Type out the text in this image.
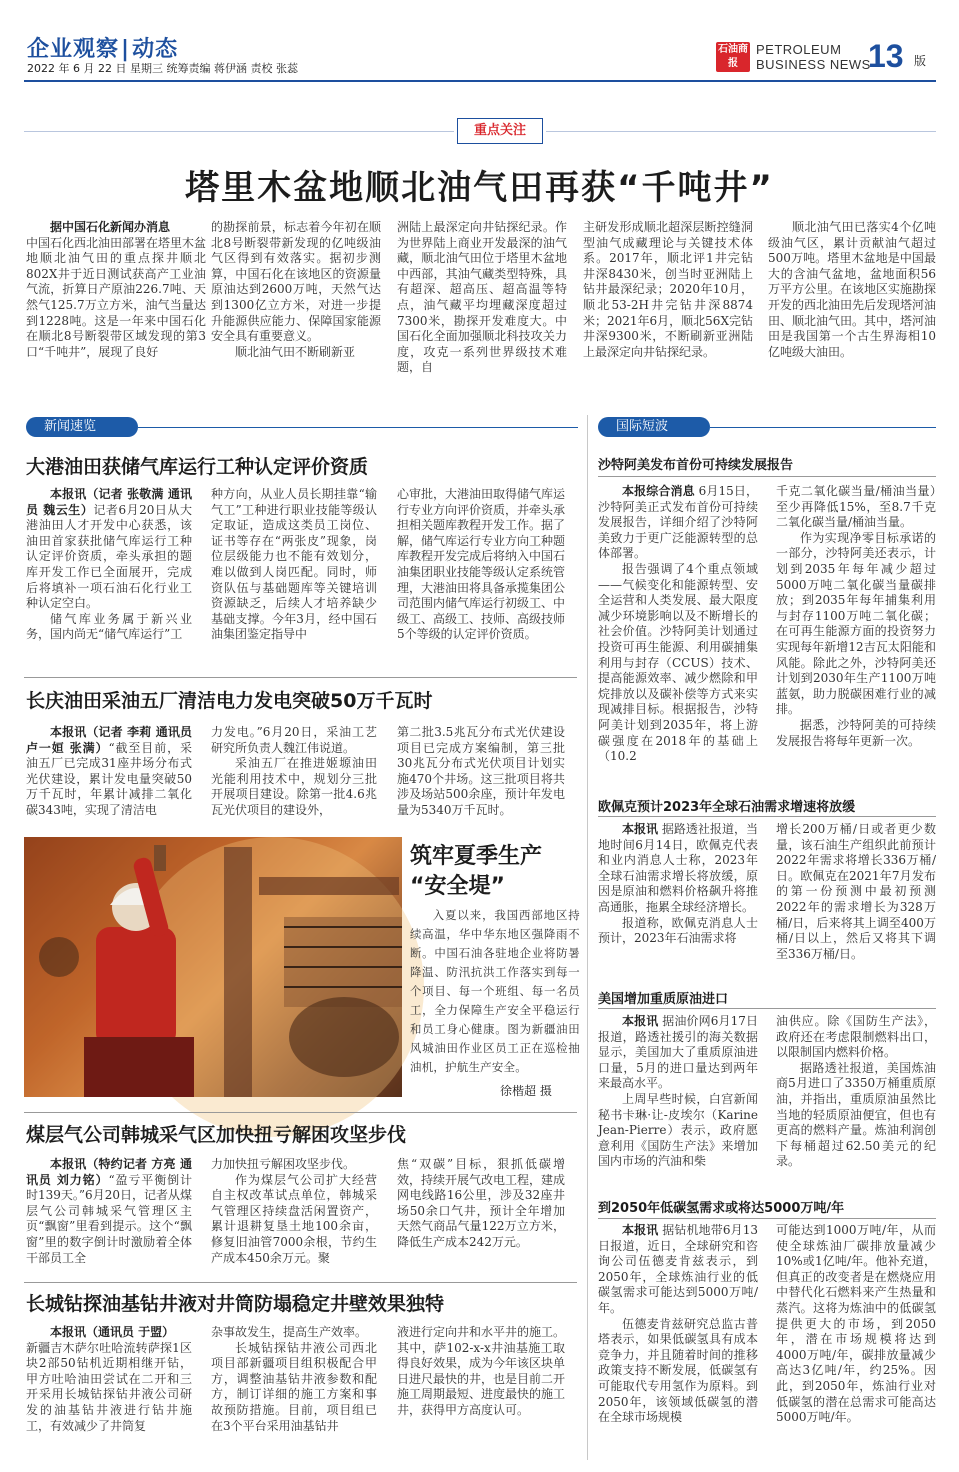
企业观察|动态
2022 年 6 月 22 日 星期三 统筹责编 蒋伊涵 责校 张蕊
石油商报
PETROLEUM
BUSINESS NEWS
13 版
重点关注
塔里木盆地顺北油气田再获“千吨井”

据中国石化新闻办消息

中国石化西北油田部署在塔里木盆地顺北油气田的重点探井顺北802X井于近日测试获高产工业油气流，折算日产原油226.7吨、天然气125.7万立方米，油气当量达到1228吨。这是一年来中国石化在顺北8号断裂带区域发现的第3口“千吨井”，展现了良好

的勘探前景，标志着今年初在顺北8号断裂带新发现的亿吨级油气区得到有效落实。据初步测算，中国石化在该地区的资源量原油达到2600万吨，天然气达到1300亿立方米，对进一步提升能源供应能力、保障国家能源安全具有重要意义。

顺北油气田不断刷新亚

洲陆上最深定向井钻探纪录。作为世界陆上商业开发最深的油气藏，顺北油气田位于塔里木盆地中西部，其油气藏类型特殊，具有超深、超高压、超高温等特点，油气藏平均埋藏深度超过7300米，勘探开发难度大。中国石化全面加强顺北科技攻关力度，攻克一系列世界级技术难题，自

主研发形成顺北超深层断控缝洞型油气成藏理论与关键技术体系。2017年，顺北评1井完钻井深8430米，创当时亚洲陆上钻井最深纪录；2020年10月，顺北53-2H井完钻井深8874米；2021年6月，顺北56X完钻井深9300米，不断刷新亚洲陆上最深定向井钻探纪录。

顺北油气田已落实4个亿吨级油气区，累计贡献油气超过500万吨。塔里木盆地是中国最大的含油气盆地，盆地面积56万平方公里。在该地区实施勘探开发的西北油田先后发现塔河油田、顺北油气田。其中，塔河油田是我国第一个古生界海相10亿吨级大油田。

新闻速览
大港油田获储气库运行工种认定评价资质

本报讯（记者 张敬满 通讯员 魏云生）记者6月20日从大港油田人才开发中心获悉，该油田首家获批储气库运行工种认定评价资质，牵头承担的题库开发工作已全面展开，完成后将填补一项石油石化行业工种认定空白。

储气库业务属于新兴业务，国内尚无“储气库运行”工

种方向，从业人员长期挂靠“输气工”工种进行职业技能等级认定取证，造成这类员工岗位、证书等存在“两张皮”现象，岗位层级能力也不能有效划分，难以做到人岗匹配。同时，师资队伍与基础题库等关键培训资源缺乏，后续人才培养缺少基础支撑。今年3月，经中国石油集团鉴定指导中

心审批，大港油田取得储气库运行专业方向评价资质，并牵头承担相关题库教程开发工作。据了解，储气库运行专业方向工种题库教程开发完成后将纳入中国石油集团职业技能等级认定系统管理，大港油田将具备承揽集团公司范围内储气库运行初级工、中级工、高级工、技师、高级技师5个等级的认定评价资质。

长庆油田采油五厂清洁电力发电突破50万千瓦时

本报讯（记者 李莉 通讯员 卢一姮 张满）“截至目前，采油五厂已完成31座井场分布式光伏建设，累计发电量突破50万千瓦时，年累计减排二氧化碳343吨，实现了清洁电

力发电。”6月20日，采油工艺研究所负责人魏江伟说道。

采油五厂在推进姬塬油田光能利用技术中，规划分三批开展项目建设。除第一批4.6兆瓦光伏项目的建设外，

第二批3.5兆瓦分布式光伏建设项目已完成方案编制，第三批30兆瓦分布式光伏项目计划实施470个井场。这三批项目将共涉及场站500余座，预计年发电量为5340万千瓦时。

筑牢夏季生产
“安全堤”

入夏以来，我国西部地区持续高温，华中华东地区强降雨不断。中国石油各驻地企业将防暑降温、防汛抗洪工作落实到每一个项目、每一个班组、每一名员工，全力保障生产安全平稳运行和员工身心健康。图为新疆油田风城油田作业区员工正在巡检抽油机，护航生产安全。

徐楷超 摄
煤层气公司韩城采气区加快扭亏解困攻坚步伐

本报讯（特约记者 方亮 通讯员 刘力铭）“盈亏平衡倒计时139天。”6月20日，记者从煤层气公司韩城采气管理区主页“飘窗”里看到提示。这个“飘窗”里的数字倒计时激励着全体干部员工全

力加快扭亏解困攻坚步伐。

作为煤层气公司扩大经营自主权改革试点单位，韩城采气管理区持续盘活闲置资产，累计退耕复垦土地100余亩，修复旧油管7000余根，节约生产成本450余万元。聚

焦“双碳”目标，狠抓低碳增效，持续开展气改电工程，建成网电线路16公里，涉及32座井场50余口气井，预计全年增加天然气商品气量122万立方米，降低生产成本242万元。

长城钻探油基钻井液对井筒防塌稳定井壁效果独特

本报讯（通讯员 于盟）

新疆吉木萨尔吐哈流转萨探1区块2部50钻机近期相继开钻，甲方吐哈油田尝试在二开和三开采用长城钻探钻井液公司研发的油基钻井液进行钻井施工，有效减少了井筒复

杂事故发生，提高生产效率。

长城钻探钻井液公司西北项目部新疆项目组积极配合甲方，调整油基钻井液参数和配方，制订详细的施工方案和事故预防措施。目前，项目组已在3个平台采用油基钻井

液进行定向井和水平井的施工。其中，萨102-x-x井油基施工取得良好效果，成为今年该区块单日进尺最快的井，也是目前二开施工周期最短、进度最快的施工井，获得甲方高度认可。

国际短波
沙特阿美发布首份可持续发展报告

本报综合消息 6月15日，沙特阿美正式发布首份可持续发展报告，详细介绍了沙特阿美致力于更广泛能源转型的总体部署。

报告强调了4个重点领域——气候变化和能源转型、安全运营和人类发展、最大限度减少环境影响以及不断增长的社会价值。沙特阿美计划通过投资可再生能源、利用碳捕集利用与封存（CCUS）技术、提高能源效率、减少燃除和甲烷排放以及碳补偿等方式来实现减排目标。根据报告，沙特阿美计划到2035年，将上游碳强度在2018年的基础上（10.2

千克二氧化碳当量/桶油当量）至少再降低15%，至8.7千克二氧化碳当量/桶油当量。

作为实现净零目标承诺的一部分，沙特阿美还表示，计划到2035年每年减少超过5000万吨二氧化碳当量碳排放；到2035年每年捕集利用与封存1100万吨二氧化碳；在可再生能源方面的投资努力实现每年新增12吉瓦太阳能和风能。除此之外，沙特阿美还计划到2030年生产1100万吨蓝氨，助力脱碳困难行业的减排。

据悉，沙特阿美的可持续发展报告将每年更新一次。

欧佩克预计2023年全球石油需求增速将放缓

本报讯 据路透社报道，当地时间6月14日，欧佩克代表和业内消息人士称，2023年全球石油需求增长将放缓，原因是原油和燃料价格飙升将推高通胀，拖累全球经济增长。

报道称，欧佩克消息人士预计，2023年石油需求将

增长200万桶/日或者更少数量，该石油生产组织此前预计2022年需求将增长336万桶/日。欧佩克在2021年7月发布的第一份预测中最初预测2022年的需求增长为328万桶/日，后来将其上调至400万桶/日以上，然后又将其下调至336万桶/日。

美国增加重质原油进口

本报讯 据油价网6月17日报道，路透社援引的海关数据显示，美国加大了重质原油进口量，5月的进口量达到两年来最高水平。

上周早些时候，白宫新闻秘书卡琳·让-皮埃尔（Karine Jean-Pierre）表示，政府愿意利用《国防生产法》来增加国内市场的汽油和柴

油供应。除《国防生产法》，政府还在考虑限制燃料出口，以限制国内燃料价格。

据路透社报道，美国炼油商5月进口了3350万桶重质原油，并指出，重质原油虽然比当地的轻质原油便宜，但也有更高的燃料产量。炼油利润创下每桶超过62.50美元的纪录。

到2050年低碳氢需求或将达5000万吨/年

本报讯 据钻机地带6月13日报道，近日，全球研究和咨询公司伍德麦肯兹表示，到2050年，全球炼油行业的低碳氢需求可能达到5000万吨/年。

伍德麦肯兹研究总监古普塔表示，如果低碳氢具有成本竞争力，并且随着时间的推移政策支持不断发展，低碳氢有可能取代专用氢作为原料。到2050年，该领域低碳氢的潜在全球市场规模

可能达到1000万吨/年，从而使全球炼油厂碳排放量减少10%或1亿吨/年。他补充道，但真正的改变者是在燃烧应用中替代化石燃料来产生热量和蒸汽。这将为炼油中的低碳氢提供更大的市场，到2050年，潜在市场规模将达到4000万吨/年，碳排放量减少高达3亿吨/年，约25%。因此，到2050年，炼油行业对低碳氢的潜在总需求可能高达5000万吨/年。
